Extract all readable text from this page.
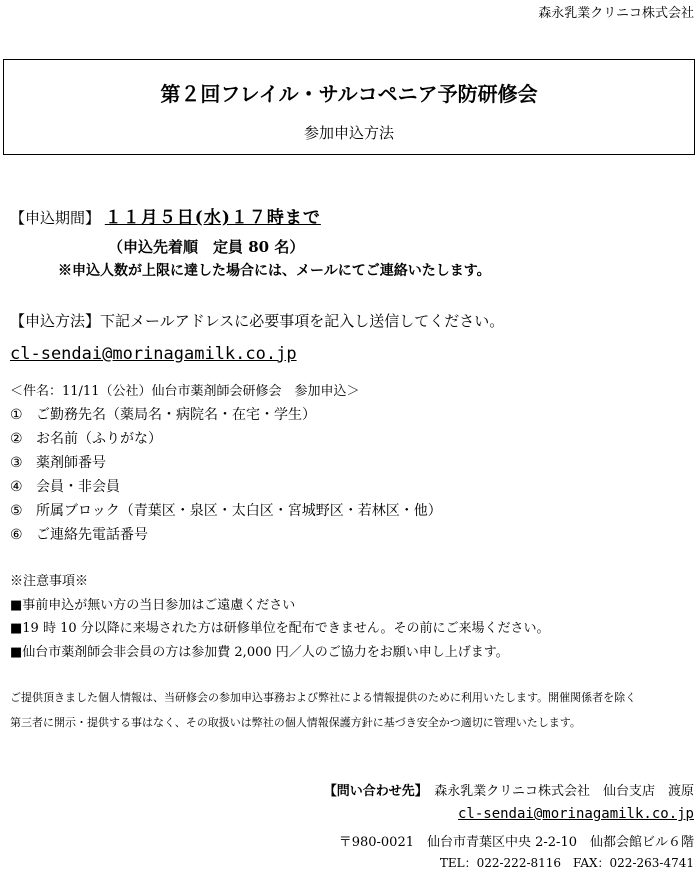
森永乳業クリニコ株式会社
第２回フレイル・サルコペニア予防研修会
参加申込方法
【申込期間】 １１月５日(水)１７時まで
（申込先着順　定員 80 名）
※申込人数が上限に達した場合には、メールにてご連絡いたします。
【申込方法】下記メールアドレスに必要事項を記入し送信してください。
cl-sendai@morinagamilk.co.jp
＜件名：11/11（公社）仙台市薬剤師会研修会　参加申込＞
① ご勤務先名（薬局名・病院名・在宅・学生）
② お名前（ふりがな）
③ 薬剤師番号
④ 会員・非会員
⑤ 所属ブロック（青葉区・泉区・太白区・宮城野区・若林区・他）
⑥ ご連絡先電話番号
※注意事項※
■事前申込が無い方の当日参加はご遠慮ください
■19 時 10 分以降に来場された方は研修単位を配布できません。その前にご来場ください。
■仙台市薬剤師会非会員の方は参加費 2,000 円／人のご協力をお願い申し上げます。
ご提供頂きました個人情報は、当研修会の参加申込事務および弊社による情報提供のために利用いたします。開催関係者を除く
第三者に開示・提供する事はなく、その取扱いは弊社の個人情報保護方針に基づき安全かつ適切に管理いたします。
【問い合わせ先】　 森永乳業クリニコ株式会社　仙台支店　渡原
cl-sendai@morinagamilk.co.jp
〒980-0021　仙台市青葉区中央 2-2-10　仙都会館ビル６階
TEL：022-222-8116　FAX：022-263-4741
